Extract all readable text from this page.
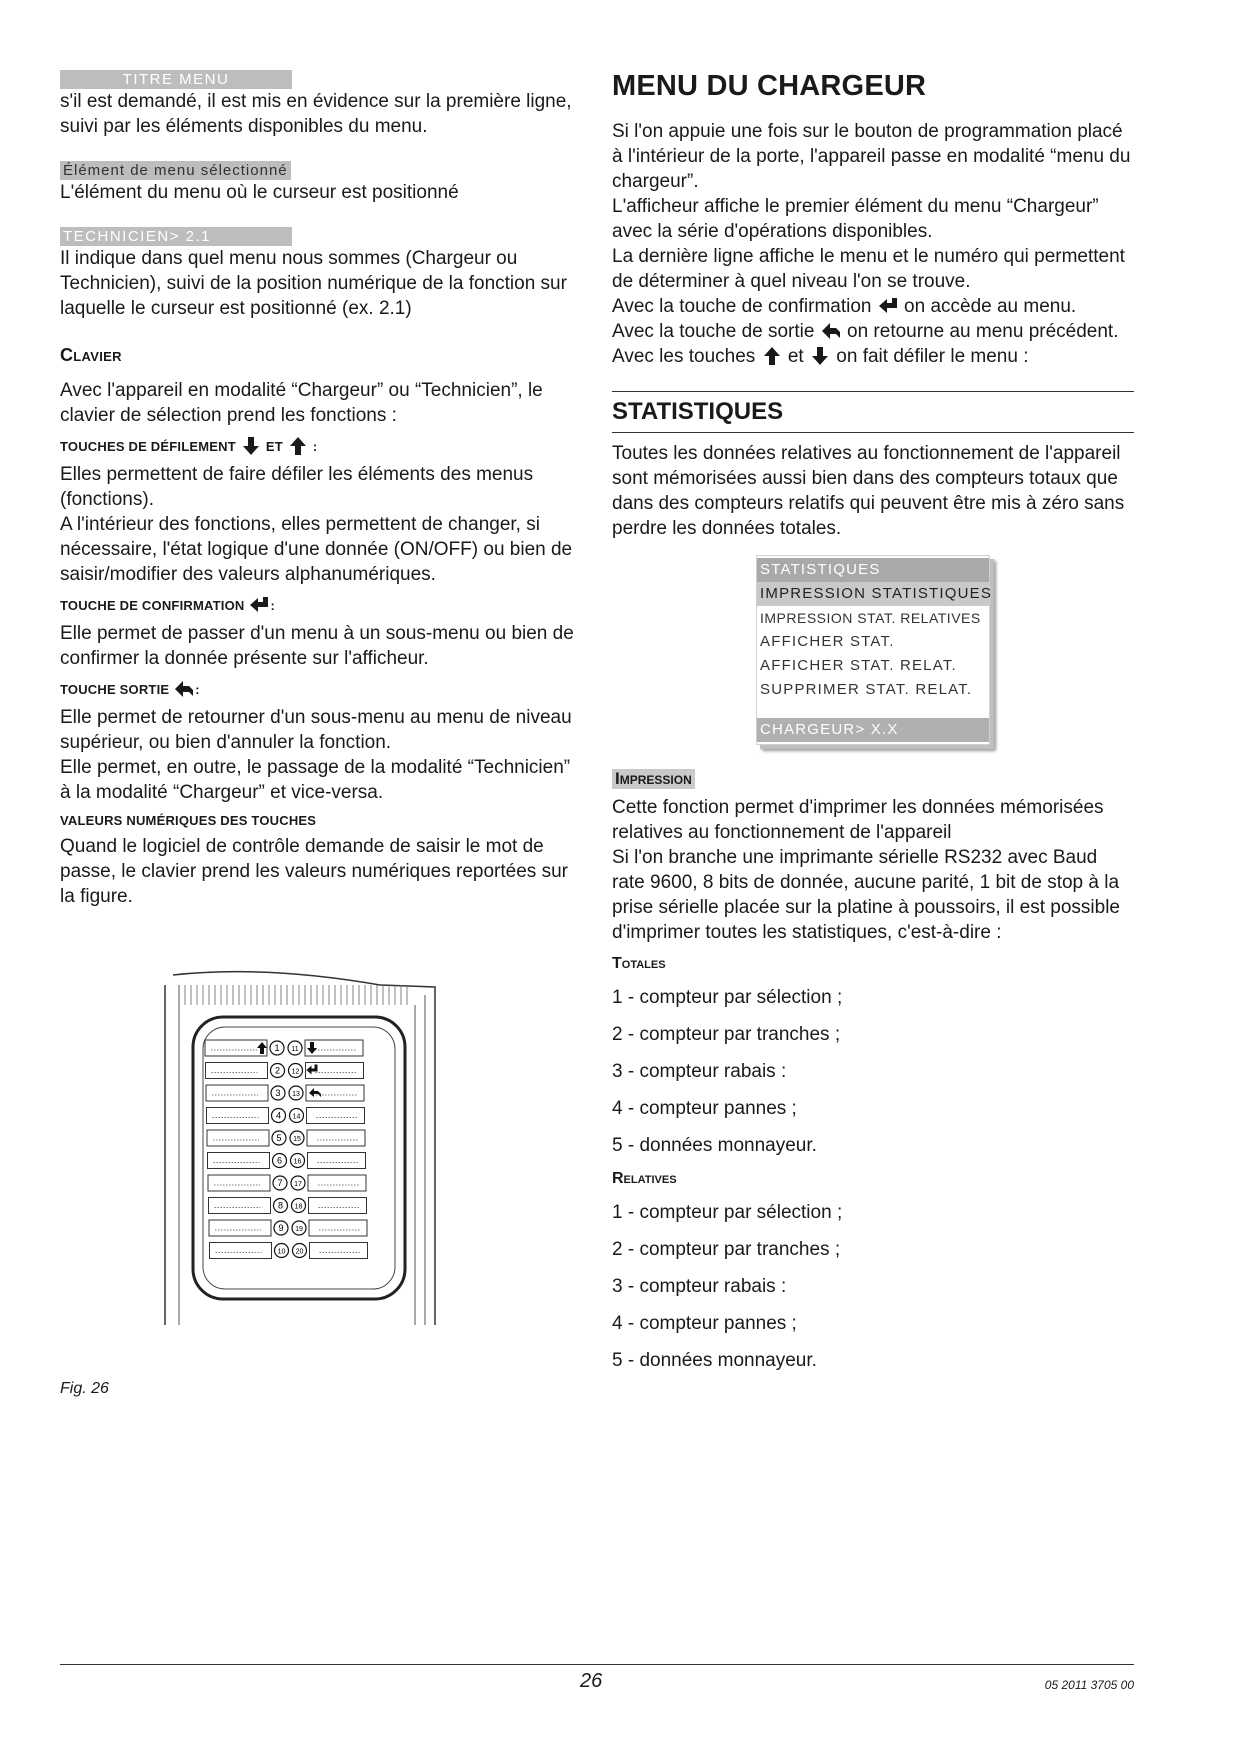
TITRE MENU

s'il est demandé, il est mis en évidence sur la première ligne, suivi par les éléments disponibles du menu.

Élément de menu sélectionné

L'élément du menu où le curseur est positionné

TECHNICIEN> 2.1

Il indique dans quel menu nous sommes (Chargeur ou Technicien), suivi de la position numérique de la fonction sur laquelle le curseur est positionné (ex. 2.1)

Clavier

Avec l'appareil en modalité “Chargeur” ou “Technicien”, le clavier de sélection prend les fonctions :

TOUCHES DE DÉFILEMENT ET :

Elles permettent de faire défiler les éléments des menus (fonctions).

A l'intérieur des fonctions, elles permettent de changer, si nécessaire, l'état logique d'une donnée (ON/OFF) ou bien de saisir/modifier des valeurs alphanumériques.

TOUCHE DE CONFIRMATION :

Elle permet de passer d'un menu à un sous-menu ou bien de confirmer la donnée présente sur l'afficheur.

TOUCHE SORTIE :

Elle permet de retourner d'un sous-menu au menu de niveau supérieur, ou bien d'annuler la fonction.

Elle permet, en outre, le passage de la modalité “Technicien” à la modalité “Chargeur” et vice-versa.

VALEURS NUMÉRIQUES DES TOUCHES

Quand le logiciel de contrôle demande de saisir le mot de passe, le clavier prend les valeurs numériques reportées sur la figure.

1 11
2 12
3 13
4 14
5 15
6 16
7 17
8 18
9 19
10 20
Fig. 26
MENU DU CHARGEUR

Si l'on appuie une fois sur le bouton de programmation placé à l'intérieur de la porte, l'appareil passe en modalité “menu du chargeur”.

L'afficheur affiche le premier élément du menu “Chargeur” avec la série d'opérations disponibles.

La dernière ligne affiche le menu et le numéro qui permettent de déterminer à quel niveau l'on se trouve.

Avec la touche de confirmation on accède au menu.

Avec la touche de sortie on retourne au menu précédent.

Avec les touches et on fait défiler le menu :

STATISTIQUES

Toutes les données relatives au fonctionnement de l'appareil sont mémorisées aussi bien dans des compteurs totaux que dans des compteurs relatifs qui peuvent être mis à zéro sans perdre les données totales.

STATISTIQUES
IMPRESSION STATISTIQUES
IMPRESSION STAT. RELATIVES
AFFICHER STAT.
AFFICHER STAT. RELAT.
SUPPRIMER STAT. RELAT.
CHARGEUR> X.X
Impression

Cette fonction permet d'imprimer les données mémorisées relatives au fonctionnement de l'appareil

Si l'on branche une imprimante sérielle RS232 avec Baud rate 9600, 8 bits de donnée, aucune parité, 1 bit de stop à la prise sérielle placée sur la platine à poussoirs, il est possible d'imprimer toutes les statistiques, c'est-à-dire :

Totales

1 - compteur par sélection ;

2 - compteur par tranches ;

3 - compteur rabais :

4 - compteur pannes ;

5 - données monnayeur.

Relatives

1 - compteur par sélection ;

2 - compteur par tranches ;

3 - compteur rabais :

4 - compteur pannes ;

5 - données monnayeur.

26	05 2011 3705 00
